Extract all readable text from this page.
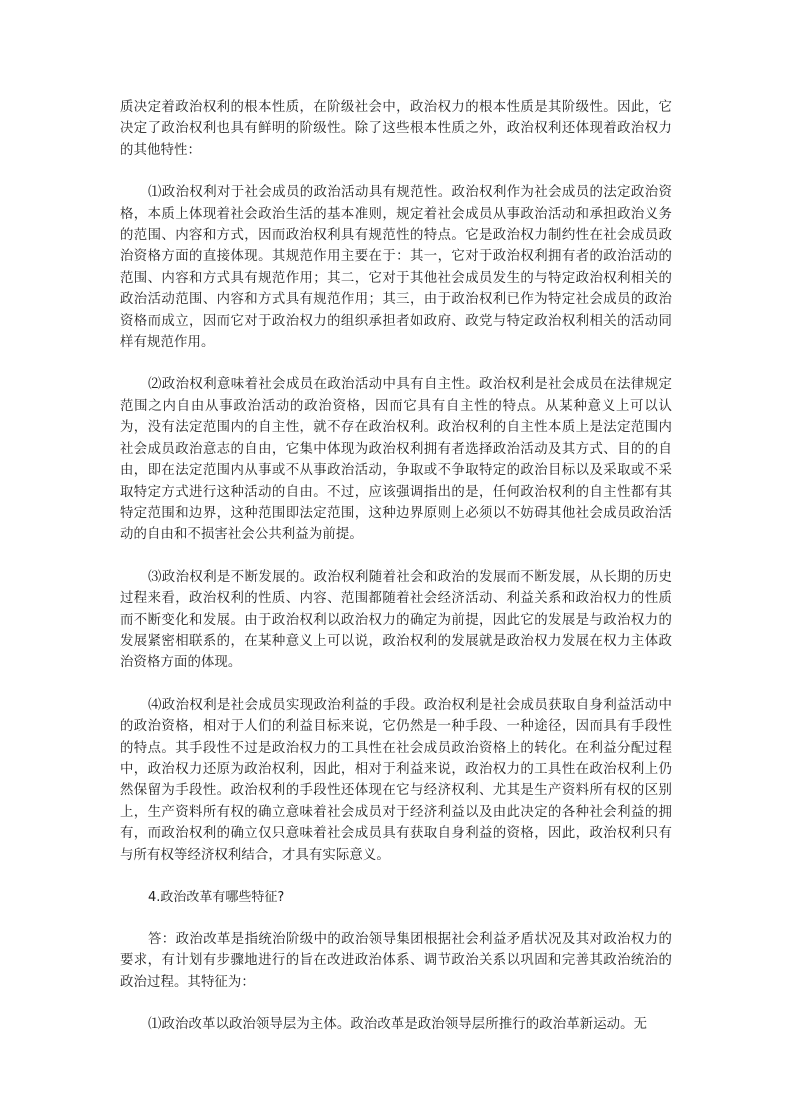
质决定着政治权利的根本性质，在阶级社会中，政治权力的根本性质是其阶级性。因此，它决定了政治权利也具有鲜明的阶级性。除了这些根本性质之外，政治权利还体现着政治权力的其他特性：

⑴政治权利对于社会成员的政治活动具有规范性。政治权利作为社会成员的法定政治资格，本质上体现着社会政治生活的基本准则，规定着社会成员从事政治活动和承担政治义务的范围、内容和方式，因而政治权利具有规范性的特点。它是政治权力制约性在社会成员政治资格方面的直接体现。其规范作用主要在于：其一，它对于政治权利拥有者的政治活动的范围、内容和方式具有规范作用；其二，它对于其他社会成员发生的与特定政治权利相关的政治活动范围、内容和方式具有规范作用；其三，由于政治权利已作为特定社会成员的政治资格而成立，因而它对于政治权力的组织承担者如政府、政党与特定政治权利相关的活动同样有规范作用。

⑵政治权利意味着社会成员在政治活动中具有自主性。政治权利是社会成员在法律规定范围之内自由从事政治活动的政治资格，因而它具有自主性的特点。从某种意义上可以认为，没有法定范围内的自主性，就不存在政治权利。政治权利的自主性本质上是法定范围内社会成员政治意志的自由，它集中体现为政治权利拥有者选择政治活动及其方式、目的的自由，即在法定范围内从事或不从事政治活动，争取或不争取特定的政治目标以及采取或不采取特定方式进行这种活动的自由。不过，应该强调指出的是，任何政治权利的自主性都有其特定范围和边界，这种范围即法定范围，这种边界原则上必须以不妨碍其他社会成员政治活动的自由和不损害社会公共利益为前提。

⑶政治权利是不断发展的。政治权利随着社会和政治的发展而不断发展，从长期的历史过程来看，政治权利的性质、内容、范围都随着社会经济活动、利益关系和政治权力的性质而不断变化和发展。由于政治权利以政治权力的确定为前提，因此它的发展是与政治权力的发展紧密相联系的，在某种意义上可以说，政治权利的发展就是政治权力发展在权力主体政治资格方面的体现。

⑷政治权利是社会成员实现政治利益的手段。政治权利是社会成员获取自身利益活动中的政治资格，相对于人们的利益目标来说，它仍然是一种手段、一种途径，因而具有手段性的特点。其手段性不过是政治权力的工具性在社会成员政治资格上的转化。在利益分配过程中，政治权力还原为政治权利，因此，相对于利益来说，政治权力的工具性在政治权利上仍然保留为手段性。政治权利的手段性还体现在它与经济权利、尤其是生产资料所有权的区别上，生产资料所有权的确立意味着社会成员对于经济利益以及由此决定的各种社会利益的拥有，而政治权利的确立仅只意味着社会成员具有获取自身利益的资格，因此，政治权利只有与所有权等经济权利结合，才具有实际意义。

4.政治改革有哪些特征?

答：政治改革是指统治阶级中的政治领导集团根据社会利益矛盾状况及其对政治权力的要求，有计划有步骤地进行的旨在改进政治体系、调节政治关系以巩固和完善其政治统治的政治过程。其特征为：

⑴政治改革以政治领导层为主体。政治改革是政治领导层所推行的政治革新运动。无
